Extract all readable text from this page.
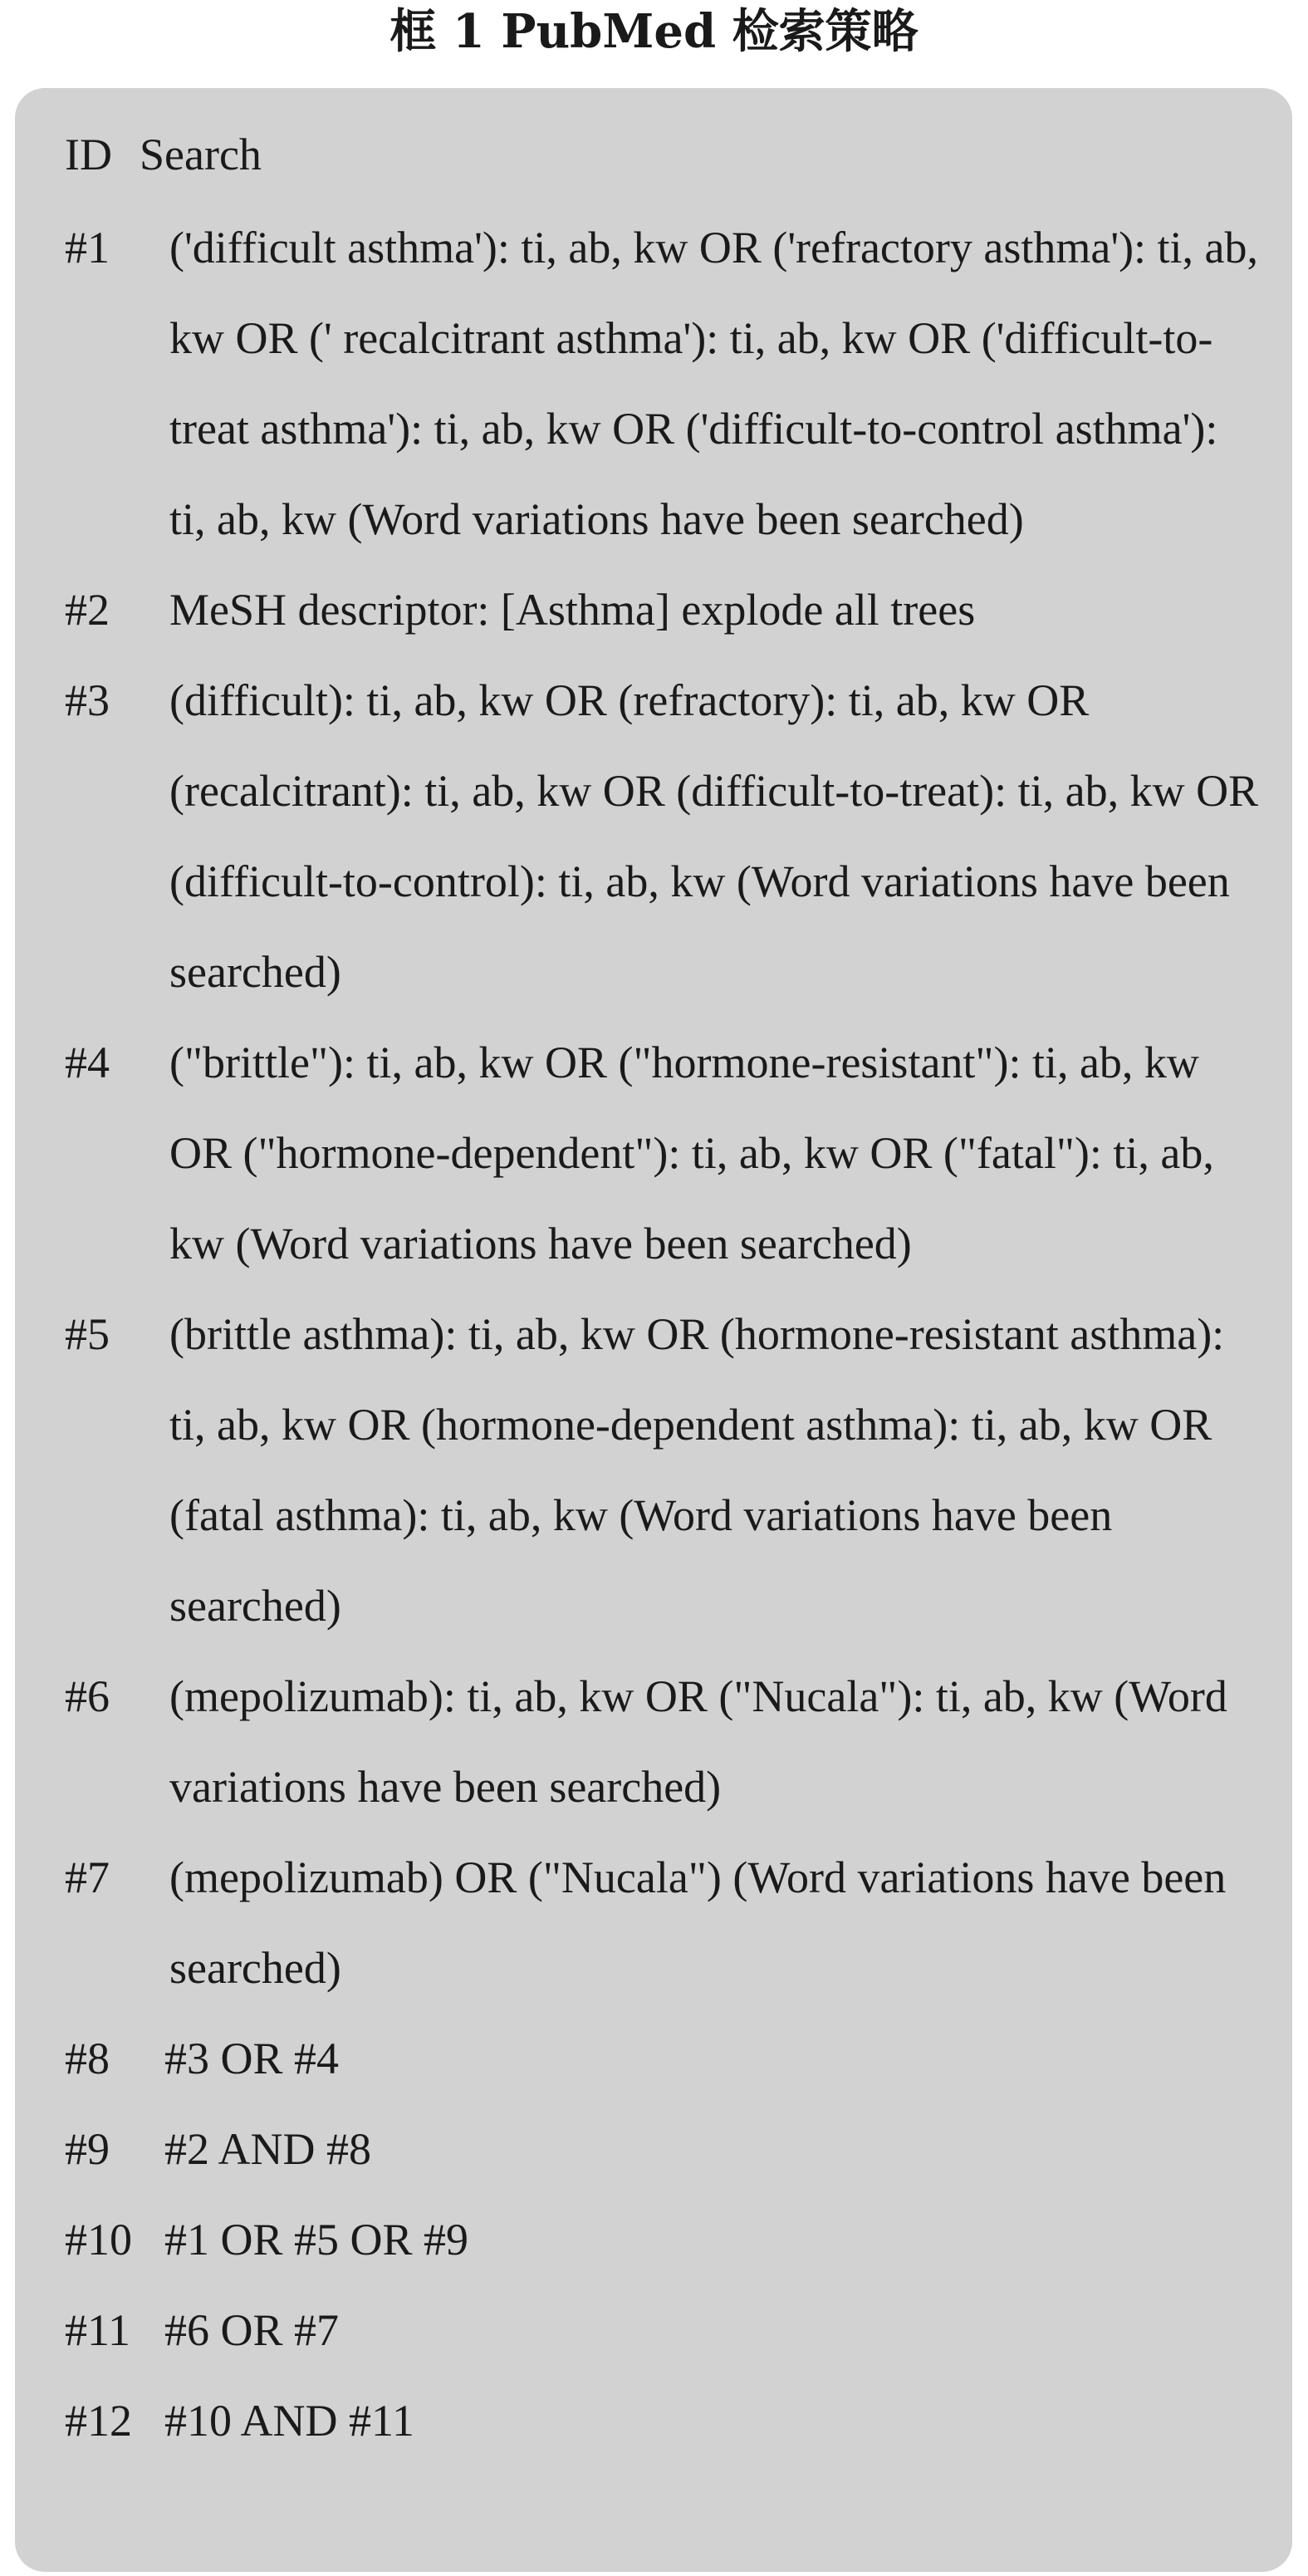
框 1 PubMed 检索策略
ID Search
#1	('difficult asthma'): ti, ab, kw OR ('refractory asthma'): ti, ab, kw OR (' recalcitrant asthma'): ti, ab, kw OR ('difficult-to-treat asthma'): ti, ab, kw OR ('difficult-to-control asthma'): ti, ab, kw (Word variations have been searched)
#2	MeSH descriptor: [Asthma] explode all trees
#3	(difficult): ti, ab, kw OR (refractory): ti, ab, kw OR (recalcitrant): ti, ab, kw OR (difficult-to-treat): ti, ab, kw OR (difficult-to-control): ti, ab, kw (Word variations have been searched)
#4	("brittle"): ti, ab, kw OR ("hormone-resistant"): ti, ab, kw OR ("hormone-dependent"): ti, ab, kw OR ("fatal"): ti, ab, kw (Word variations have been searched)
#5	(brittle asthma): ti, ab, kw OR (hormone-resistant asthma): ti, ab, kw OR (hormone-dependent asthma): ti, ab, kw OR (fatal asthma): ti, ab, kw (Word variations have been searched)
#6	(mepolizumab): ti, ab, kw OR ("Nucala"): ti, ab, kw (Word variations have been searched)
#7	(mepolizumab) OR ("Nucala") (Word variations have been searched)
#8	#3 OR #4
#9	#2 AND #8
#10 #1 OR #5 OR #9
#11 #6 OR #7
#12 #10 AND #11
